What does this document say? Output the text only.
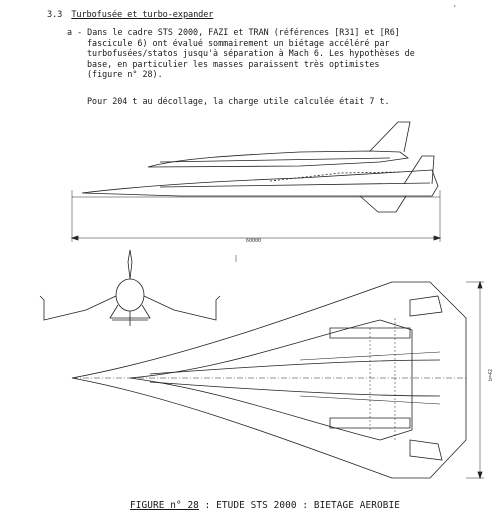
·
3.3 Turbofusée et turbo-expander
a - Dans le cadre STS 2000, FAZI et TRAN (références [R31] et [R6]
fascicule 6) ont évalué sommairement un biétage accéléré par
turbofusées/statos jusqu'à séparation à Mach 6. Les hypothèses de
base, en particulier les masses paraissent très optimistes
(figure n° 28).
Pour 204 t au décollage, la charge utile calculée était 7 t.
60000
b=42
FIGURE n° 28 : ETUDE STS 2000 : BIETAGE AEROBIE
